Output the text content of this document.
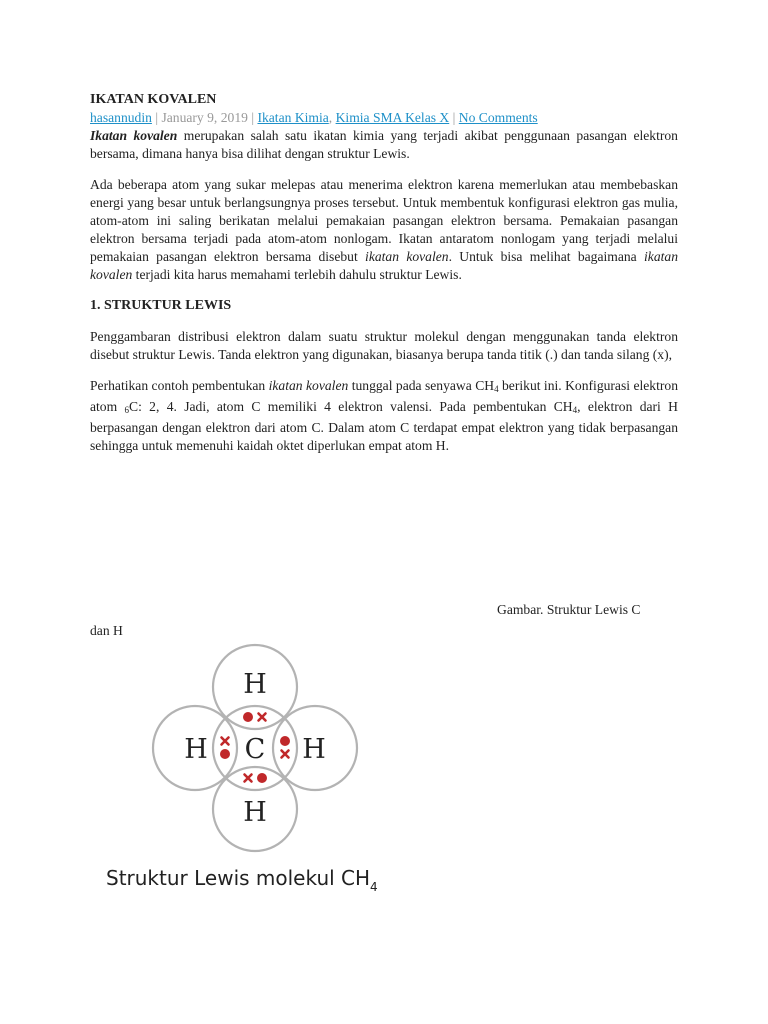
IKATAN KOVALEN
hasannudin | January 9, 2019 | Ikatan Kimia, Kimia SMA Kelas X | No Comments

Ikatan kovalen merupakan salah satu ikatan kimia yang terjadi akibat penggunaan pasangan elektron bersama, dimana hanya bisa dilihat dengan struktur Lewis.

Ada beberapa atom yang sukar melepas atau menerima elektron karena memerlukan atau membebaskan energi yang besar untuk berlangsungnya proses tersebut. Untuk membentuk konfigurasi elektron gas mulia, atom-atom ini saling berikatan melalui pemakaian pasangan elektron bersama. Pemakaian pasangan elektron bersama terjadi pada atom-atom nonlogam. Ikatan antaratom nonlogam yang terjadi melalui pemakaian pasangan elektron bersama disebut ikatan kovalen. Untuk bisa melihat bagaimana ikatan kovalen terjadi kita harus memahami terlebih dahulu struktur Lewis.

1. STRUKTUR LEWIS

Penggambaran distribusi elektron dalam suatu struktur molekul dengan menggunakan tanda elektron disebut struktur Lewis. Tanda elektron yang digunakan, biasanya berupa tanda titik (.) dan tanda silang (x),

Perhatikan contoh pembentukan ikatan kovalen tunggal pada senyawa $CH_4$ berikut ini. Konfigurasi elektron atom $_6$C: 2, 4. Jadi, atom C memiliki 4 elektron valensi. Pada pembentukan $CH_4$, elektron dari H berpasangan dengan elektron dari atom C. Dalam atom C terdapat empat elektron yang tidak berpasangan sehingga untuk memenuhi kaidah oktet diperlukan empat atom H.

Gambar. Struktur Lewis C
dan H
H
H C H
H
Struktur Lewis molekul $CH_4$
